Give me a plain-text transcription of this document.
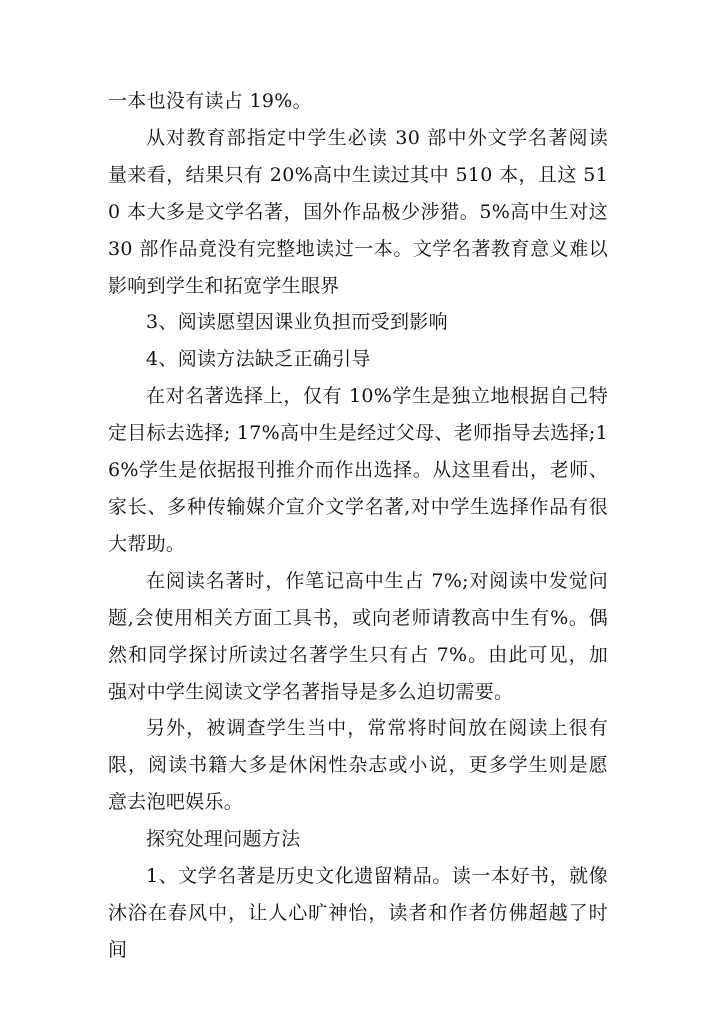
一本也没有读占 19%。

从对教育部指定中学生必读 30 部中外文学名著阅读量来看，结果只有 20%高中生读过其中 510 本，且这 510 本大多是文学名著，国外作品极少涉猎。5%高中生对这 30 部作品竟没有完整地读过一本。文学名著教育意义难以影响到学生和拓宽学生眼界

3、阅读愿望因课业负担而受到影响

4、阅读方法缺乏正确引导

在对名著选择上，仅有 10%学生是独立地根据自己特定目标去选择; 17%高中生是经过父母、老师指导去选择;16%学生是依据报刊推介而作出选择。从这里看出，老师、家长、多种传输媒介宣介文学名著,对中学生选择作品有很大帮助。

在阅读名著时，作笔记高中生占 7%;对阅读中发觉问题,会使用相关方面工具书，或向老师请教高中生有%。偶然和同学探讨所读过名著学生只有占 7%。由此可见，加强对中学生阅读文学名著指导是多么迫切需要。

另外，被调查学生当中，常常将时间放在阅读上很有限，阅读书籍大多是休闲性杂志或小说，更多学生则是愿意去泡吧娱乐。

探究处理问题方法

1、文学名著是历史文化遗留精品。读一本好书，就像沐浴在春风中，让人心旷神怡，读者和作者仿佛超越了时间
